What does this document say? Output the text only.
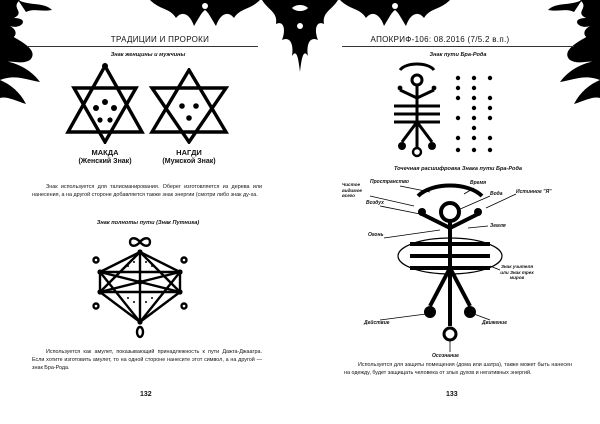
ТРАДИЦИИ И ПРОРОКИ
Знак женщины и мужчины
МАКДА
(Женский Знак)
НАГДИ
(Мужской Знак)
Знак используется для талисманирования. Оберег изготовляется из дерева или нанесения, а на другой стороне добавляется также знак энергии (смотри либо знак ду-ха.
Знак полноты пути (Знак Путника)
Используется как амулет, показывающий принадлежность к пути Дажга-Джаагра. Если хотите изготовить амулет, то на одной стороне нанесите этот символ, а на другой — знак Бра-Рода.
132
АПОКРИФ-106: 08.2016 (7/5.2 в.п.)
Знак пути Бра-Рода
Точечная расшифровка Знака пути Бра-Рода
Пространство	Время
Чистое видимое всего	Вода	Истинное "Я"
Воздух
Огонь
Земля
Знак учителя или Знак трех миров
Действие	Движение
Осознание
Используется для защиты помещения (дома или шатра), также может быть нанесен на одежду, будет защищать человека от злых духов и негативных энергий.
133
